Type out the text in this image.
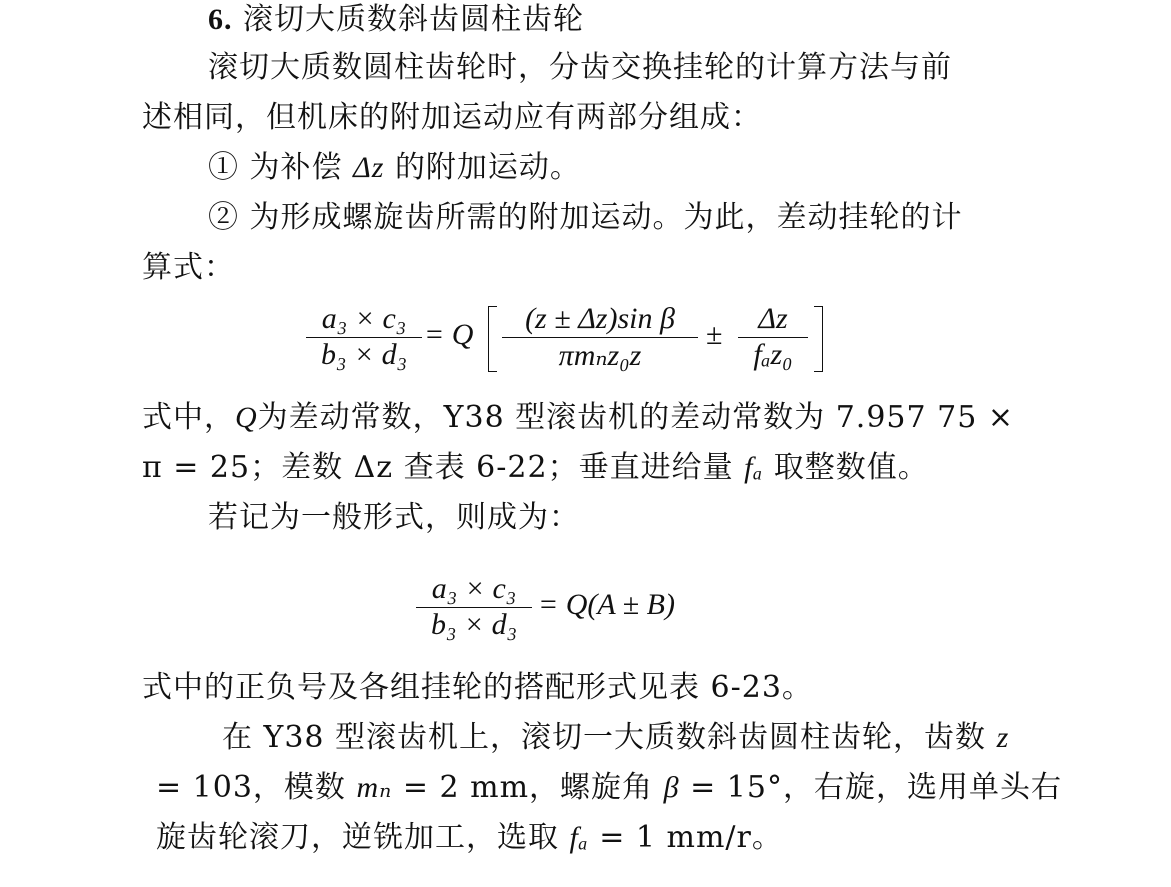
6. 滚切大质数斜齿圆柱齿轮
滚切大质数圆柱齿轮时，分齿交换挂轮的计算方法与前
述相同，但机床的附加运动应有两部分组成：
① 为补偿 Δz 的附加运动。
② 为形成螺旋齿所需的附加运动。为此，差动挂轮的计
算式：
a₃ × c₃
b₃ × d₃
= Q	(z ± Δz)sin β
πmₙz₀z
±	Δz
fₐz₀
式中，Q为差动常数，Y38 型滚齿机的差动常数为 7.957 75 ×
π = 25；差数 Δz 查表 6-22；垂直进给量 fₐ 取整数值。
若记为一般形式，则成为：
a₃ × c₃
b₃ × d₃
= Q(A ± B)
式中的正负号及各组挂轮的搭配形式见表 6-23。
在 Y38 型滚齿机上，滚切一大质数斜齿圆柱齿轮，齿数 z
= 103，模数 mₙ = 2 mm，螺旋角 β = 15°，右旋，选用单头右
旋齿轮滚刀，逆铣加工，选取 fₐ = 1 mm/r。
